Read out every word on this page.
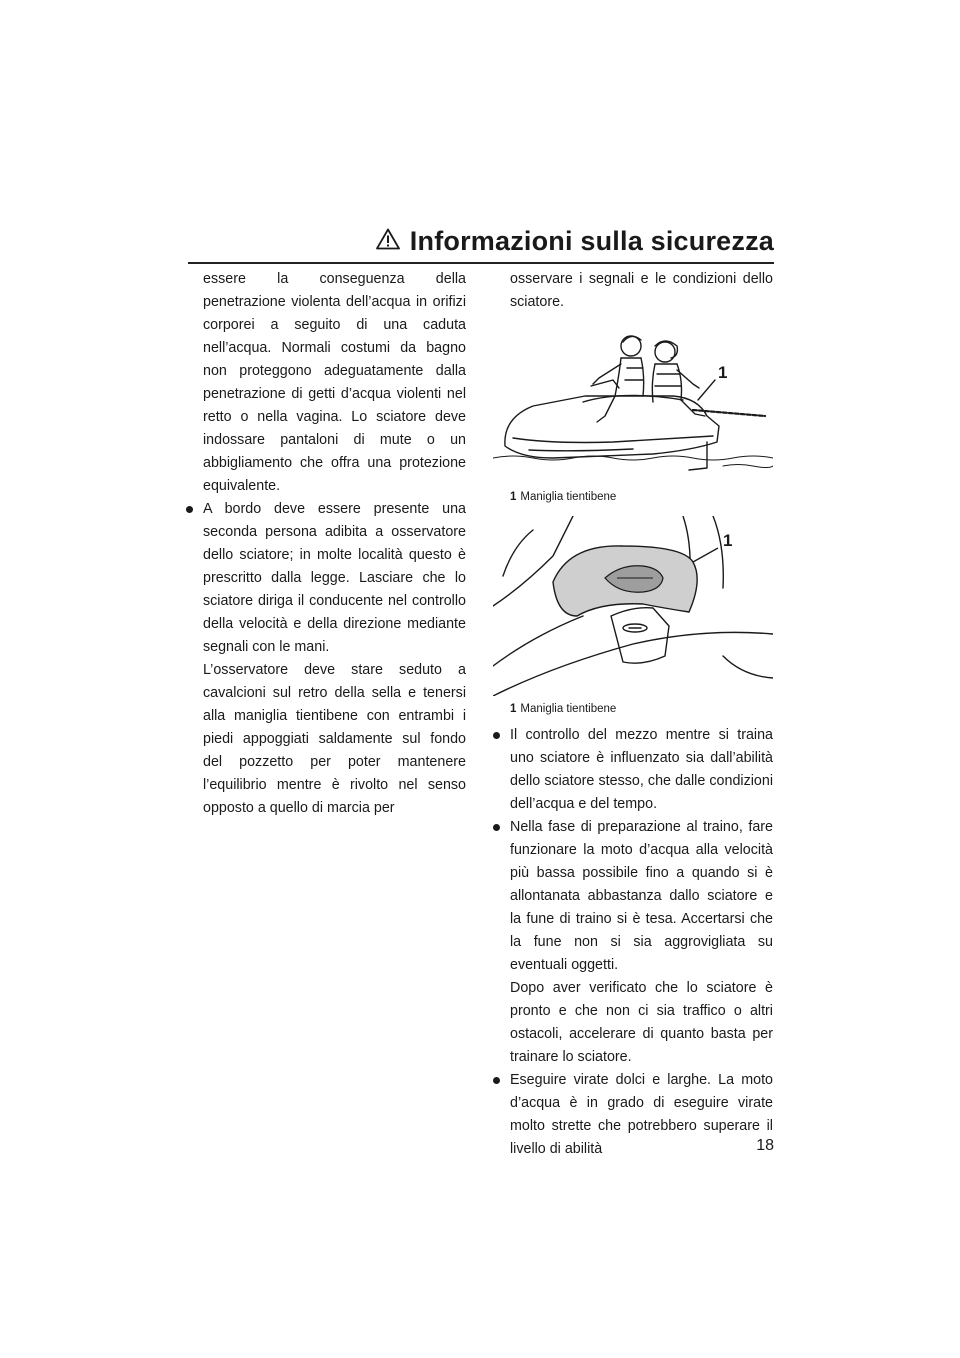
Informazioni sulla sicurezza

essere la conseguenza della penetrazione violenta dell’acqua in orifizi corporei a seguito di una caduta nell’acqua. Normali costumi da bagno non proteggono adeguatamente dalla penetrazione di getti d’acqua violenti nel retto o nella vagina. Lo sciatore deve indossare pantaloni di mute o un abbigliamento che offra una protezione equivalente.

A bordo deve essere presente una seconda persona adibita a osservatore dello sciatore; in molte località questo è prescritto dalla legge. Lasciare che lo sciatore diriga il conducente nel controllo della velocità e della direzione mediante segnali con le mani.

L’osservatore deve stare seduto a cavalcioni sul retro della sella e tenersi alla maniglia tientibene con entrambi i piedi appoggiati saldamente sul fondo del pozzetto per poter mantenere l’equilibrio mentre è rivolto nel senso opposto a quello di marcia per

osservare i segnali e le condizioni dello sciatore.

1

1 Maniglia tientibene

1

1 Maniglia tientibene

Il controllo del mezzo mentre si traina uno sciatore è influenzato sia dall’abilità dello sciatore stesso, che dalle condizioni dell’acqua e del tempo.
Nella fase di preparazione al traino, fare funzionare la moto d’acqua alla velocità più bassa possibile fino a quando si è allontanata abbastanza dallo sciatore e la fune di traino si è tesa. Accertarsi che la fune non si sia aggrovigliata su eventuali oggetti.

Dopo aver verificato che lo sciatore è pronto e che non ci sia traffico o altri ostacoli, accelerare di quanto basta per trainare lo sciatore.

Eseguire virate dolci e larghe. La moto d’acqua è in grado di eseguire virate molto strette che potrebbero superare il livello di abilità	18
